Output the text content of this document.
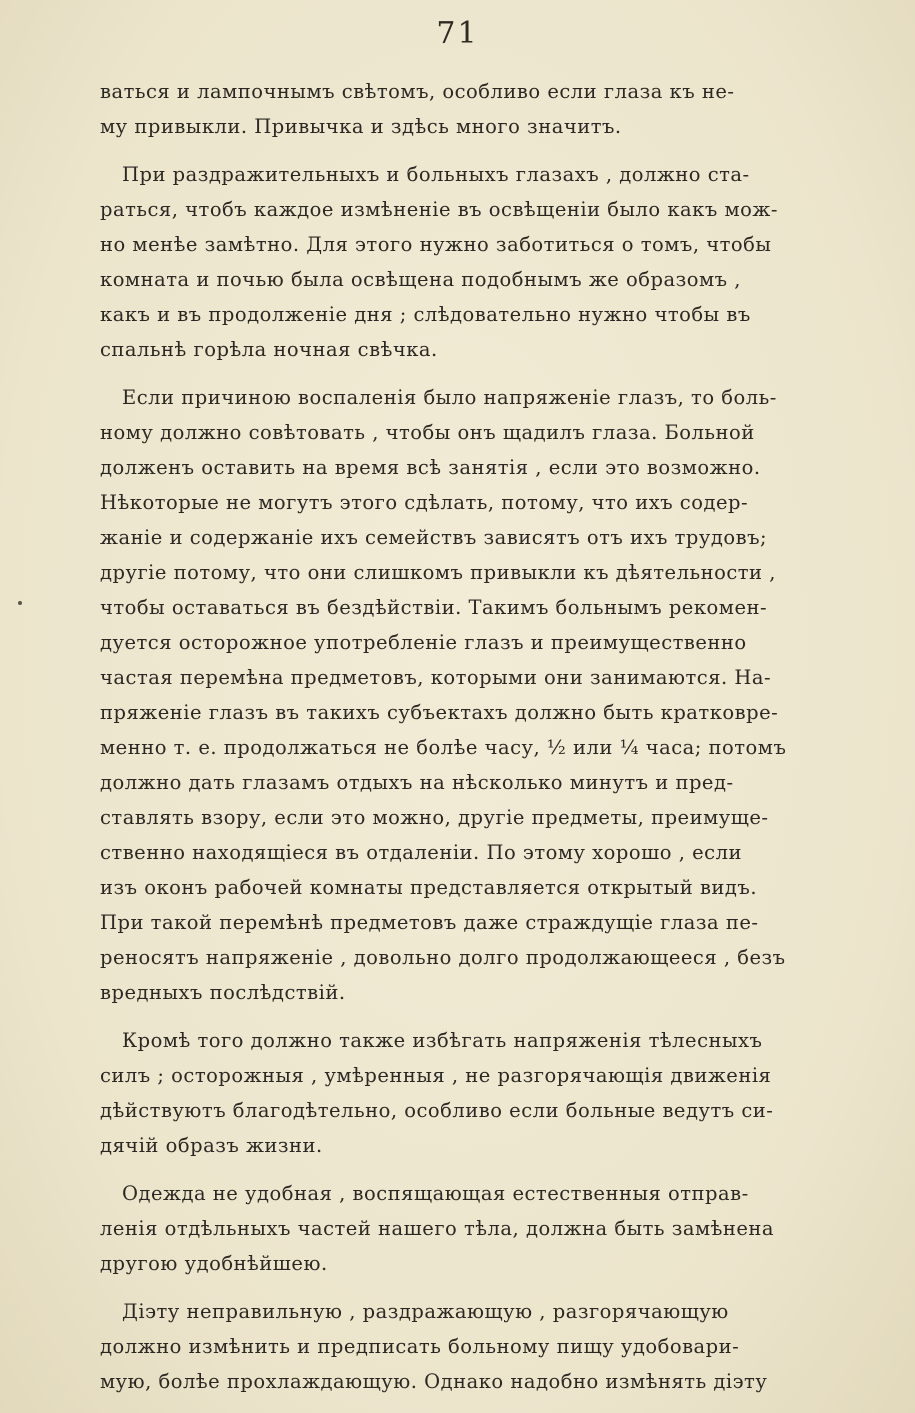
71
ваться и лампочнымъ свѣтомъ, особливо если глаза къ не-
му привыкли. Привычка и здѣсь много значитъ.
При раздражительныхъ и больныхъ глазахъ , должно ста-
раться, чтобъ каждое измѣненіе въ освѣщеніи было какъ мож-
но менѣе замѣтно. Для этого нужно заботиться о томъ, чтобы
комната и почью была освѣщена подобнымъ же образомъ ,
какъ и въ продолженіе дня ; слѣдовательно нужно чтобы въ
спальнѣ горѣла ночная свѣчка.
Если причиною воспаленія было напряженіе глазъ, то боль-
ному должно совѣтовать , чтобы онъ щадилъ глаза. Больной
долженъ оставить на время всѣ занятія , если это возможно.
Нѣкоторые не могутъ этого сдѣлать, потому, что ихъ содер-
жаніе и содержаніе ихъ семействъ зависятъ отъ ихъ трудовъ;
другіе потому, что они слишкомъ привыкли къ дѣятельности ,
чтобы оставаться въ бездѣйствіи. Такимъ больнымъ рекомен-
дуется осторожное употребленіе глазъ и преимущественно
частая перемѣна предметовъ, которыми они занимаются. На-
пряженіе глазъ въ такихъ субъектахъ должно быть кратковре-
менно т. е. продолжаться не болѣе часу, ½ или ¼ часа; потомъ
должно дать глазамъ отдыхъ на нѣсколько минутъ и пред-
ставлять взору, если это можно, другіе предметы, преимуще-
ственно находящіеся въ отдаленіи. По этому хорошо , если
изъ оконъ рабочей комнаты представляется открытый видъ.
При такой перемѣнѣ предметовъ даже страждущіе глаза пе-
реносятъ напряженіе , довольно долго продолжающееся , безъ
вредныхъ послѣдствій.
Кромѣ того должно также избѣгать напряженія тѣлесныхъ
силъ ; осторожныя , умѣренныя , не разгорячающія движенія
дѣйствуютъ благодѣтельно, особливо если больные ведутъ си-
дячій образъ жизни.
Одежда не удобная , воспящающая естественныя отправ-
ленія отдѣльныхъ частей нашего тѣла, должна быть замѣнена
другою удобнѣйшею.
Діэту неправильную , раздражающую , разгорячающую
должно измѣнить и предписать больному пищу удобовари-
мую, болѣе прохлаждающую. Однако надобно измѣнять діэту
